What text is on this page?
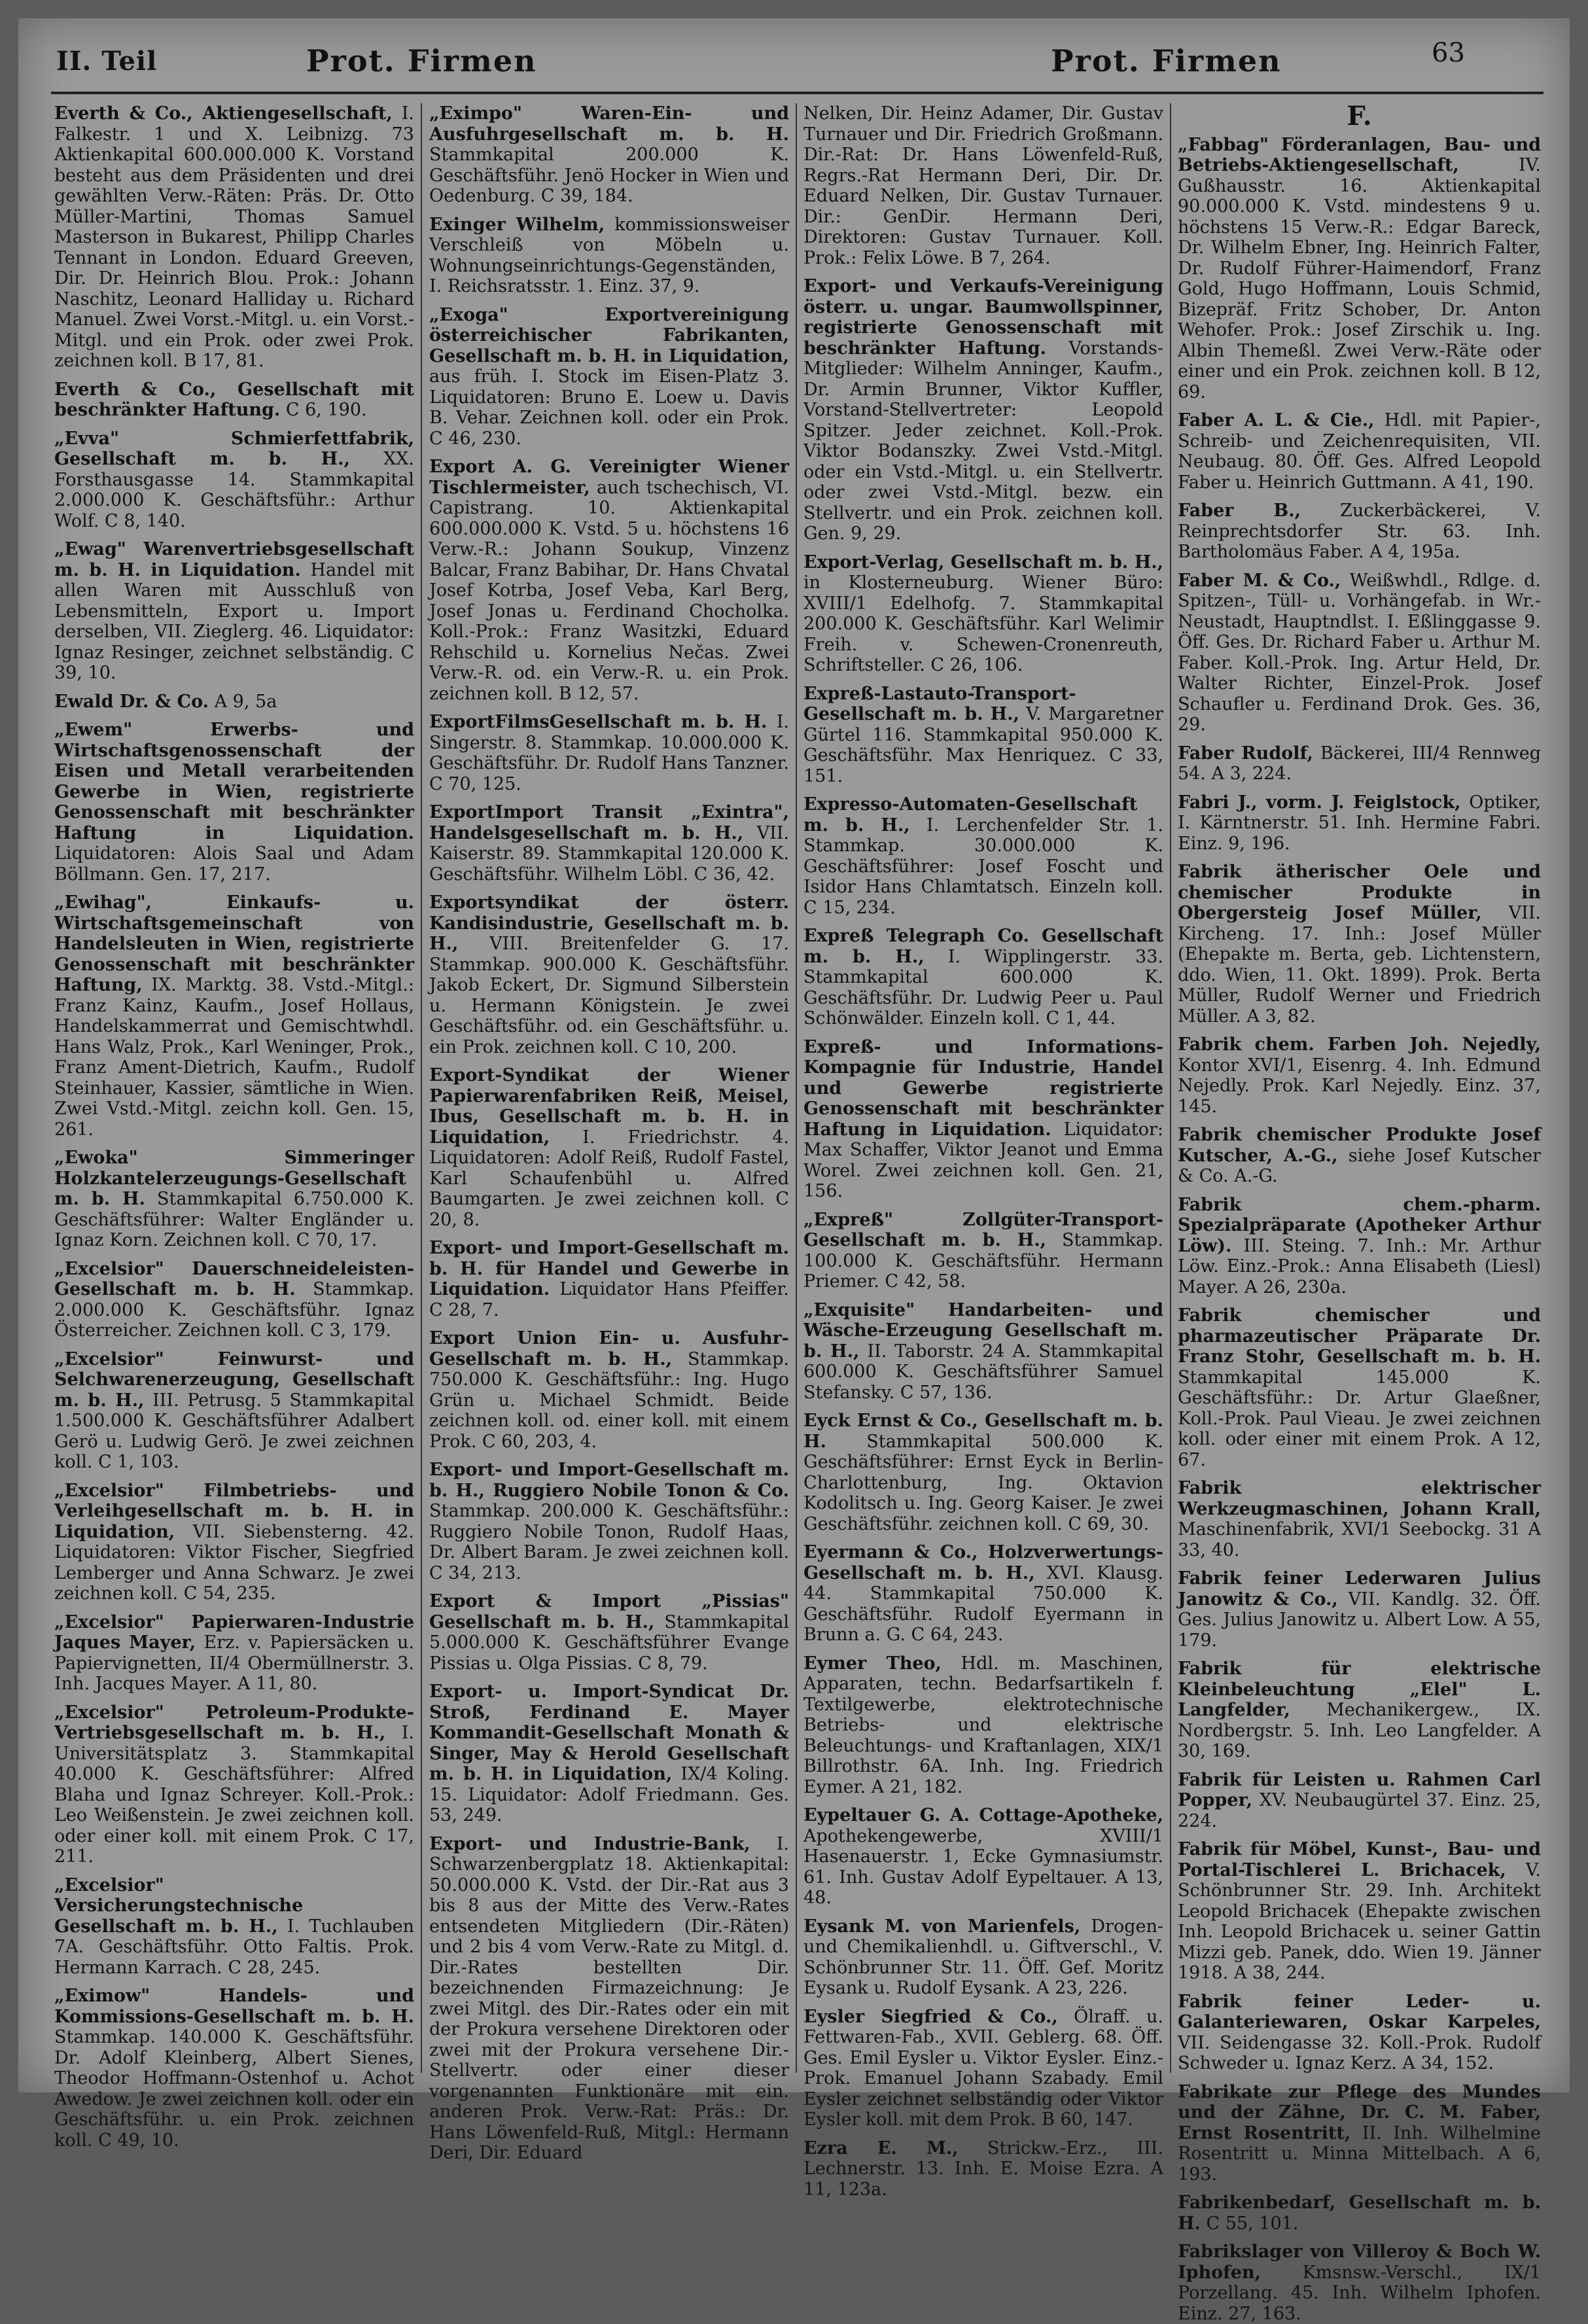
II. Teil	Prot. Firmen	Prot. Firmen	63
Everth & Co., Aktiengesellschaft, I. Falkestr. 1 und X. Leibnizg. 73 Aktienkapital 600.000.000 K. Vorstand besteht aus dem Präsidenten und drei gewählten Verw.-Räten: Präs. Dr. Otto Müller-Martini, Thomas Samuel Masterson in Bukarest, Philipp Charles Tennant in London. Eduard Greeven, Dir. Dr. Heinrich Blou. Prok.: Johann Naschitz, Leonard Halliday u. Richard Manuel. Zwei Vorst.-Mitgl. u. ein Vorst.-Mitgl. und ein Prok. oder zwei Prok. zeichnen koll. B 17, 81.
Everth & Co., Gesellschaft mit beschränkter Haftung. C 6, 190.
„Evva" Schmierfettfabrik, Gesellschaft m. b. H., XX. Forsthausgasse 14. Stammkapital 2.000.000 K. Geschäftsführ.: Arthur Wolf. C 8, 140.
„Ewag" Warenvertriebsgesellschaft m. b. H. in Liquidation. Handel mit allen Waren mit Ausschluß von Lebensmitteln, Export u. Import derselben, VII. Zieglerg. 46. Liquidator: Ignaz Resinger, zeichnet selbständig. C 39, 10.
Ewald Dr. & Co. A 9, 5a
„Ewem" Erwerbs- und Wirtschaftsgenossenschaft der Eisen und Metall verarbeitenden Gewerbe in Wien, registrierte Genossenschaft mit beschränkter Haftung in Liquidation. Liquidatoren: Alois Saal und Adam Böllmann. Gen. 17, 217.
„Ewihag", Einkaufs- u. Wirtschaftsgemeinschaft von Handelsleuten in Wien, registrierte Genossenschaft mit beschränkter Haftung, IX. Marktg. 38. Vstd.-Mitgl.: Franz Kainz, Kaufm., Josef Hollaus, Handelskammerrat und Gemischtwhdl. Hans Walz, Prok., Karl Weninger, Prok., Franz Ament-Dietrich, Kaufm., Rudolf Steinhauer, Kassier, sämtliche in Wien. Zwei Vstd.-Mitgl. zeichn koll. Gen. 15, 261.
„Ewoka" Simmeringer Holzkantelerzeugungs-Gesellschaft m. b. H. Stammkapital 6.750.000 K. Geschäftsführer: Walter Engländer u. Ignaz Korn. Zeichnen koll. C 70, 17.
„Excelsior" Dauerschneideleisten-Gesellschaft m. b. H. Stammkap. 2.000.000 K. Geschäftsführ. Ignaz Österreicher. Zeichnen koll. C 3, 179.
„Excelsior" Feinwurst- und Selchwarenerzeugung, Gesellschaft m. b. H., III. Petrusg. 5 Stammkapital 1.500.000 K. Geschäftsführer Adalbert Gerö u. Ludwig Gerö. Je zwei zeichnen koll. C 1, 103.
„Excelsior" Filmbetriebs- und Verleihgesellschaft m. b. H. in Liquidation, VII. Siebensterng. 42. Liquidatoren: Viktor Fischer, Siegfried Lemberger und Anna Schwarz. Je zwei zeichnen koll. C 54, 235.
„Excelsior" Papierwaren-Industrie Jaques Mayer, Erz. v. Papiersäcken u. Papiervignetten, II/4 Obermüllnerstr. 3. Inh. Jacques Mayer. A 11, 80.
„Excelsior" Petroleum-Produkte-Vertriebsgesellschaft m. b. H., I. Universitätsplatz 3. Stammkapital 40.000 K. Geschäftsführer: Alfred Blaha und Ignaz Schreyer. Koll.-Prok.: Leo Weißenstein. Je zwei zeichnen koll. oder einer koll. mit einem Prok. C 17, 211.
„Excelsior" Versicherungstechnische Gesellschaft m. b. H., I. Tuchlauben 7A. Geschäftsführ. Otto Faltis. Prok. Hermann Karrach. C 28, 245.
„Eximow" Handels- und Kommissions-Gesellschaft m. b. H. Stammkap. 140.000 K. Geschäftsführ. Dr. Adolf Kleinberg, Albert Sienes, Theodor Hoffmann-Ostenhof u. Achot Awedow. Je zwei zeichnen koll. oder ein Geschäftsführ. u. ein Prok. zeichnen koll. C 49, 10.
„Eximpo" Waren-Ein- und Ausfuhrgesellschaft m. b. H. Stammkapital 200.000 K. Geschäftsführ. Jenö Hocker in Wien und Oedenburg. C 39, 184.
Exinger Wilhelm, kommissionsweiser Verschleiß von Möbeln u. Wohnungseinrichtungs-Gegenständen, I. Reichsratsstr. 1. Einz. 37, 9.
„Exoga" Exportvereinigung österreichischer Fabrikanten, Gesellschaft m. b. H. in Liquidation, aus früh. I. Stock im Eisen-Platz 3. Liquidatoren: Bruno E. Loew u. Davis B. Vehar. Zeichnen koll. oder ein Prok. C 46, 230.
Export A. G. Vereinigter Wiener Tischlermeister, auch tschechisch, VI. Capistrang. 10. Aktienkapital 600.000.000 K. Vstd. 5 u. höchstens 16 Verw.-R.: Johann Soukup, Vinzenz Balcar, Franz Babihar, Dr. Hans Chvatal Josef Kotrba, Josef Veba, Karl Berg, Josef Jonas u. Ferdinand Chocholka. Koll.-Prok.: Franz Wasitzki, Eduard Rehschild u. Kornelius Nečas. Zwei Verw.-R. od. ein Verw.-R. u. ein Prok. zeichnen koll. B 12, 57.
ExportFilmsGesellschaft m. b. H. I. Singerstr. 8. Stammkap. 10.000.000 K. Geschäftsführ. Dr. Rudolf Hans Tanzner. C 70, 125.
ExportImport Transit „Exintra", Handelsgesellschaft m. b. H., VII. Kaiserstr. 89. Stammkapital 120.000 K. Geschäftsführ. Wilhelm Löbl. C 36, 42.
Exportsyndikat der österr. Kandisindustrie, Gesellschaft m. b. H., VIII. Breitenfelder G. 17. Stammkap. 900.000 K. Geschäftsführ. Jakob Eckert, Dr. Sigmund Silberstein u. Hermann Königstein. Je zwei Geschäftsführ. od. ein Geschäftsführ. u. ein Prok. zeichnen koll. C 10, 200.
Export-Syndikat der Wiener Papierwarenfabriken Reiß, Meisel, Ibus, Gesellschaft m. b. H. in Liquidation, I. Friedrichstr. 4. Liquidatoren: Adolf Reiß, Rudolf Fastel, Karl Schaufenbühl u. Alfred Baumgarten. Je zwei zeichnen koll. C 20, 8.
Export- und Import-Gesellschaft m. b. H. für Handel und Gewerbe in Liquidation. Liquidator Hans Pfeiffer. C 28, 7.
Export Union Ein- u. Ausfuhr-Gesellschaft m. b. H., Stammkap. 750.000 K. Geschäftsführ.: Ing. Hugo Grün u. Michael Schmidt. Beide zeichnen koll. od. einer koll. mit einem Prok. C 60, 203, 4.
Export- und Import-Gesellschaft m. b. H., Ruggiero Nobile Tonon & Co. Stammkap. 200.000 K. Geschäftsführ.: Ruggiero Nobile Tonon, Rudolf Haas, Dr. Albert Baram. Je zwei zeichnen koll. C 34, 213.
Export & Import „Pissias" Gesellschaft m. b. H., Stammkapital 5.000.000 K. Geschäftsführer Evange Pissias u. Olga Pissias. C 8, 79.
Export- u. Import-Syndicat Dr. Stroß, Ferdinand E. Mayer Kommandit-Gesellschaft Monath & Singer, May & Herold Gesellschaft m. b. H. in Liquidation, IX/4 Koling. 15. Liquidator: Adolf Friedmann. Ges. 53, 249.
Export- und Industrie-Bank, I. Schwarzenbergplatz 18. Aktienkapital: 50.000.000 K. Vstd. der Dir.-Rat aus 3 bis 8 aus der Mitte des Verw.-Rates entsendeten Mitgliedern (Dir.-Räten) und 2 bis 4 vom Verw.-Rate zu Mitgl. d. Dir.-Rates bestellten Dir. bezeichnenden Firmazeichnung: Je zwei Mitgl. des Dir.-Rates oder ein mit der Prokura versehene Direktoren oder zwei mit der Prokura versehene Dir.-Stellvertr. oder einer dieser vorgenannten Funktionäre mit ein. anderen Prok. Verw.-Rat: Präs.: Dr. Hans Löwenfeld-Ruß, Mitgl.: Hermann Deri, Dir. Eduard
Nelken, Dir. Heinz Adamer, Dir. Gustav Turnauer und Dir. Friedrich Großmann. Dir.-Rat: Dr. Hans Löwenfeld-Ruß, Regrs.-Rat Hermann Deri, Dir. Dr. Eduard Nelken, Dir. Gustav Turnauer. Dir.: GenDir. Hermann Deri, Direktoren: Gustav Turnauer. Koll. Prok.: Felix Löwe. B 7, 264.
Export- und Verkaufs-Vereinigung österr. u. ungar. Baumwollspinner, registrierte Genossenschaft mit beschränkter Haftung. Vorstands-Mitglieder: Wilhelm Anninger, Kaufm., Dr. Armin Brunner, Viktor Kuffler, Vorstand-Stellvertreter: Leopold Spitzer. Jeder zeichnet. Koll.-Prok. Viktor Bodanszky. Zwei Vstd.-Mitgl. oder ein Vstd.-Mitgl. u. ein Stellvertr. oder zwei Vstd.-Mitgl. bezw. ein Stellvertr. und ein Prok. zeichnen koll. Gen. 9, 29.
Export-Verlag, Gesellschaft m. b. H., in Klosterneuburg. Wiener Büro: XVIII/1 Edelhofg. 7. Stammkapital 200.000 K. Geschäftsführ. Karl Welimir Freih. v. Schewen-Cronenreuth, Schriftsteller. C 26, 106.
Expreß-Lastauto-Transport-Gesellschaft m. b. H., V. Margaretner Gürtel 116. Stammkapital 950.000 K. Geschäftsführ. Max Henriquez. C 33, 151.
Expresso-Automaten-Gesellschaft m. b. H., I. Lerchenfelder Str. 1. Stammkap. 30.000.000 K. Geschäftsführer: Josef Foscht und Isidor Hans Chlamtatsch. Einzeln koll. C 15, 234.
Expreß Telegraph Co. Gesellschaft m. b. H., I. Wipplingerstr. 33. Stammkapital 600.000 K. Geschäftsführ. Dr. Ludwig Peer u. Paul Schönwälder. Einzeln koll. C 1, 44.
Expreß- und Informations-Kompagnie für Industrie, Handel und Gewerbe registrierte Genossenschaft mit beschränkter Haftung in Liquidation. Liquidator: Max Schaffer, Viktor Jeanot und Emma Worel. Zwei zeichnen koll. Gen. 21, 156.
„Expreß" Zollgüter-Transport-Gesellschaft m. b. H., Stammkap. 100.000 K. Geschäftsführ. Hermann Priemer. C 42, 58.
„Exquisite" Handarbeiten- und Wäsche-Erzeugung Gesellschaft m. b. H., II. Taborstr. 24 A. Stammkapital 600.000 K. Geschäftsführer Samuel Stefansky. C 57, 136.
Eyck Ernst & Co., Gesellschaft m. b. H. Stammkapital 500.000 K. Geschäftsführer: Ernst Eyck in Berlin-Charlottenburg, Ing. Oktavion Kodolitsch u. Ing. Georg Kaiser. Je zwei Geschäftsführ. zeichnen koll. C 69, 30.
Eyermann & Co., Holzverwertungs-Gesellschaft m. b. H., XVI. Klausg. 44. Stammkapital 750.000 K. Geschäftsführ. Rudolf Eyermann in Brunn a. G. C 64, 243.
Eymer Theo, Hdl. m. Maschinen, Apparaten, techn. Bedarfsartikeln f. Textilgewerbe, elektrotechnische Betriebs- und elektrische Beleuchtungs- und Kraftanlagen, XIX/1 Billrothstr. 6A. Inh. Ing. Friedrich Eymer. A 21, 182.
Eypeltauer G. A. Cottage-Apotheke, Apothekengewerbe, XVIII/1 Hasenauerstr. 1, Ecke Gymnasiumstr. 61. Inh. Gustav Adolf Eypeltauer. A 13, 48.
Eysank M. von Marienfels, Drogen- und Chemikalienhdl. u. Giftverschl., V. Schönbrunner Str. 11. Öff. Gef. Moritz Eysank u. Rudolf Eysank. A 23, 226.
Eysler Siegfried & Co., Ölraff. u. Fettwaren-Fab., XVII. Geblerg. 68. Öff. Ges. Emil Eysler u. Viktor Eysler. Einz.-Prok. Emanuel Johann Szabady. Emil Eysler zeichnet selbständig oder Viktor Eysler koll. mit dem Prok. B 60, 147.
Ezra E. M., Strickw.-Erz., III. Lechnerstr. 13. Inh. E. Moise Ezra. A 11, 123a.
F.
„Fabbag" Förderanlagen, Bau- und Betriebs-Aktiengesellschaft, IV. Gußhausstr. 16. Aktienkapital 90.000.000 K. Vstd. mindestens 9 u. höchstens 15 Verw.-R.: Edgar Bareck, Dr. Wilhelm Ebner, Ing. Heinrich Falter, Dr. Rudolf Führer-Haimendorf, Franz Gold, Hugo Hoffmann, Louis Schmid, Bizepräf. Fritz Schober, Dr. Anton Wehofer. Prok.: Josef Zirschik u. Ing. Albin Themeßl. Zwei Verw.-Räte oder einer und ein Prok. zeichnen koll. B 12, 69.
Faber A. L. & Cie., Hdl. mit Papier-, Schreib- und Zeichenrequisiten, VII. Neubaug. 80. Öff. Ges. Alfred Leopold Faber u. Heinrich Guttmann. A 41, 190.
Faber B., Zuckerbäckerei, V. Reinprechtsdorfer Str. 63. Inh. Bartholomäus Faber. A 4, 195a.
Faber M. & Co., Weißwhdl., Rdlge. d. Spitzen-, Tüll- u. Vorhängefab. in Wr.-Neustadt, Hauptndlst. I. Eßlinggasse 9. Öff. Ges. Dr. Richard Faber u. Arthur M. Faber. Koll.-Prok. Ing. Artur Held, Dr. Walter Richter, Einzel-Prok. Josef Schaufler u. Ferdinand Drok. Ges. 36, 29.
Faber Rudolf, Bäckerei, III/4 Rennweg 54. A 3, 224.
Fabri J., vorm. J. Feiglstock, Optiker, I. Kärntnerstr. 51. Inh. Hermine Fabri. Einz. 9, 196.
Fabrik ätherischer Oele und chemischer Produkte in Obergersteig Josef Müller, VII. Kircheng. 17. Inh.: Josef Müller (Ehepakte m. Berta, geb. Lichtenstern, ddo. Wien, 11. Okt. 1899). Prok. Berta Müller, Rudolf Werner und Friedrich Müller. A 3, 82.
Fabrik chem. Farben Joh. Nejedly, Kontor XVI/1, Eisenrg. 4. Inh. Edmund Nejedly. Prok. Karl Nejedly. Einz. 37, 145.
Fabrik chemischer Produkte Josef Kutscher, A.-G., siehe Josef Kutscher & Co. A.-G.
Fabrik chem.-pharm. Spezialpräparate (Apotheker Arthur Löw). III. Steing. 7. Inh.: Mr. Arthur Löw. Einz.-Prok.: Anna Elisabeth (Liesl) Mayer. A 26, 230a.
Fabrik chemischer und pharmazeutischer Präparate Dr. Franz Stohr, Gesellschaft m. b. H. Stammkapital 145.000 K. Geschäftsführ.: Dr. Artur Glaeßner, Koll.-Prok. Paul Vieau. Je zwei zeichnen koll. oder einer mit einem Prok. A 12, 67.
Fabrik elektrischer Werkzeugmaschinen, Johann Krall, Maschinenfabrik, XVI/1 Seebockg. 31 A 33, 40.
Fabrik feiner Lederwaren Julius Janowitz & Co., VII. Kandlg. 32. Öff. Ges. Julius Janowitz u. Albert Low. A 55, 179.
Fabrik für elektrische Kleinbeleuchtung „Elel" L. Langfelder, Mechanikergew., IX. Nordbergstr. 5. Inh. Leo Langfelder. A 30, 169.
Fabrik für Leisten u. Rahmen Carl Popper, XV. Neubaugürtel 37. Einz. 25, 224.
Fabrik für Möbel, Kunst-, Bau- und Portal-Tischlerei L. Brichacek, V. Schönbrunner Str. 29. Inh. Architekt Leopold Brichacek (Ehepakte zwischen Inh. Leopold Brichacek u. seiner Gattin Mizzi geb. Panek, ddo. Wien 19. Jänner 1918. A 38, 244.
Fabrik feiner Leder- u. Galanteriewaren, Oskar Karpeles, VII. Seidengasse 32. Koll.-Prok. Rudolf Schweder u. Ignaz Kerz. A 34, 152.
Fabrikate zur Pflege des Mundes und der Zähne, Dr. C. M. Faber, Ernst Rosentritt, II. Inh. Wilhelmine Rosentritt u. Minna Mittelbach. A 6, 193.
Fabrikenbedarf, Gesellschaft m. b. H. C 55, 101.
Fabrikslager von Villeroy & Boch W. Iphofen, Kmsnsw.-Verschl., IX/1 Porzellang. 45. Inh. Wilhelm Iphofen. Einz. 27, 163.
